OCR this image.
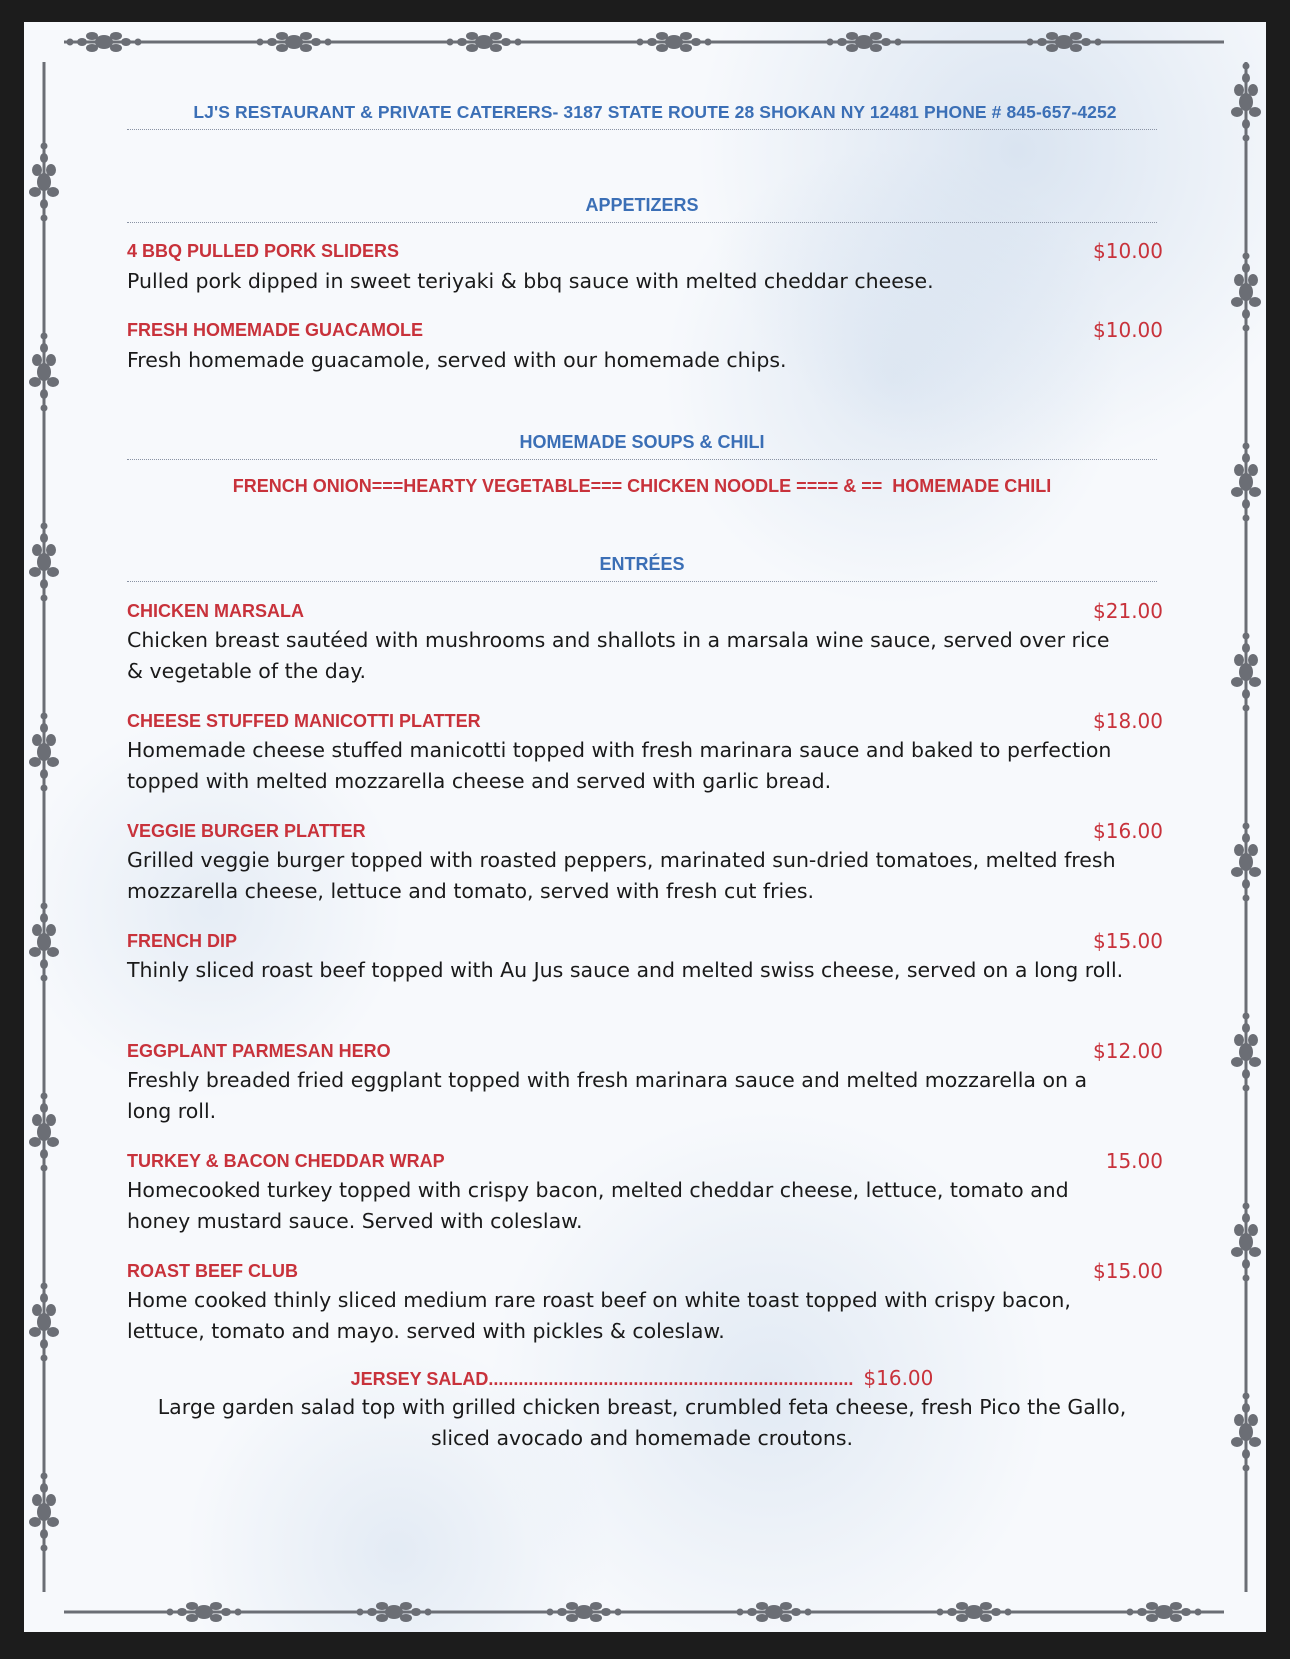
LJ'S RESTAURANT & PRIVATE CATERERS- 3187 STATE ROUTE 28 SHOKAN NY 12481 PHONE # 845-657-4252
APPETIZERS
4 BBQ PULLED PORK SLIDERS	$10.00
Pulled pork dipped in sweet teriyaki & bbq sauce with melted cheddar cheese.
FRESH HOMEMADE GUACAMOLE	$10.00
Fresh homemade guacamole, served with our homemade chips.
HOMEMADE SOUPS & CHILI
FRENCH ONION===HEARTY VEGETABLE=== CHICKEN NOODLE ==== & ==  HOMEMADE CHILI
ENTRÉES
CHICKEN MARSALA	$21.00
Chicken breast sautéed with mushrooms and shallots in a marsala wine sauce, served over rice & vegetable of the day.
CHEESE STUFFED MANICOTTI PLATTER	$18.00
Homemade cheese stuffed manicotti topped with fresh marinara sauce and baked to perfection topped with melted mozzarella cheese and served with garlic bread.
VEGGIE BURGER PLATTER	$16.00
Grilled veggie burger topped with roasted peppers, marinated sun-dried tomatoes, melted fresh mozzarella cheese, lettuce and tomato, served with fresh cut fries.
FRENCH DIP	$15.00
Thinly sliced roast beef topped with Au Jus sauce and melted swiss cheese, served on a long roll.
EGGPLANT PARMESAN HERO	$12.00
Freshly breaded fried eggplant topped with fresh marinara sauce and melted mozzarella on a long roll.
TURKEY & BACON CHEDDAR WRAP	15.00
Homecooked turkey topped with crispy bacon, melted cheddar cheese, lettuce, tomato and honey mustard sauce. Served with coleslaw.
ROAST BEEF CLUB	$15.00
Home cooked thinly sliced medium rare roast beef on white toast topped with crispy bacon, lettuce, tomato and mayo. served with pickles & coleslaw.
JERSEY SALAD......................................................................... $16.00
Large garden salad top with grilled chicken breast, crumbled feta cheese, fresh Pico the Gallo, sliced avocado and homemade croutons.
